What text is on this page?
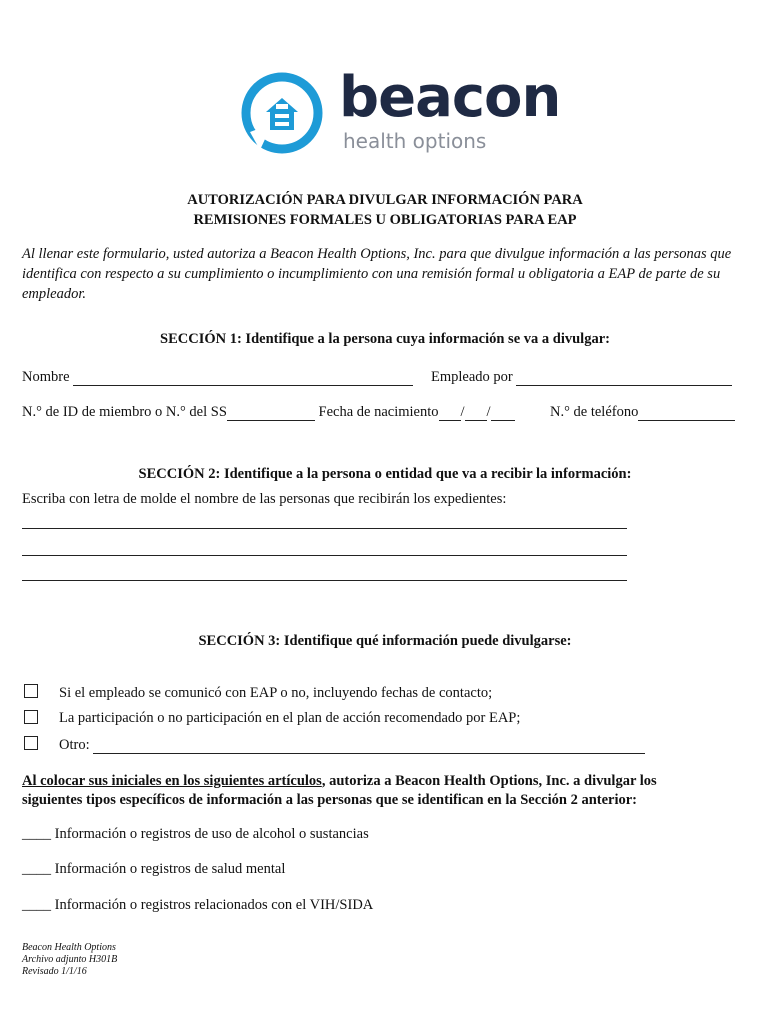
beacon
health options
AUTORIZACIÓN PARA DIVULGAR INFORMACIÓN PARA
REMISIONES FORMALES U OBLIGATORIAS PARA EAP
Al llenar este formulario, usted autoriza a Beacon Health Options, Inc. para que divulgue información a las personas que identifica con respecto a su cumplimiento o incumplimiento con una remisión formal u obligatoria a EAP de parte de su empleador.
SECCIÓN 1: Identifique a la persona cuya información se va a divulgar:
Nombre	Empleado por
N.° de ID de miembro o N.° del SS	Fecha de nacimiento / /	N.° de teléfono
SECCIÓN 2: Identifique a la persona o entidad que va a recibir la información:
Escriba con letra de molde el nombre de las personas que recibirán los expedientes:
SECCIÓN 3: Identifique qué información puede divulgarse:
Si el empleado se comunicó con EAP o no, incluyendo fechas de contacto;
La participación o no participación en el plan de acción recomendado por EAP;
Otro:
Al colocar sus iniciales en los siguientes artículos, autoriza a Beacon Health Options, Inc. a divulgar los
siguientes tipos específicos de información a las personas que se identifican en la Sección 2 anterior:
____ Información o registros de uso de alcohol o sustancias
____ Información o registros de salud mental
____ Información o registros relacionados con el VIH/SIDA
Beacon Health Options
Archivo adjunto H301B
Revisado 1/1/16
